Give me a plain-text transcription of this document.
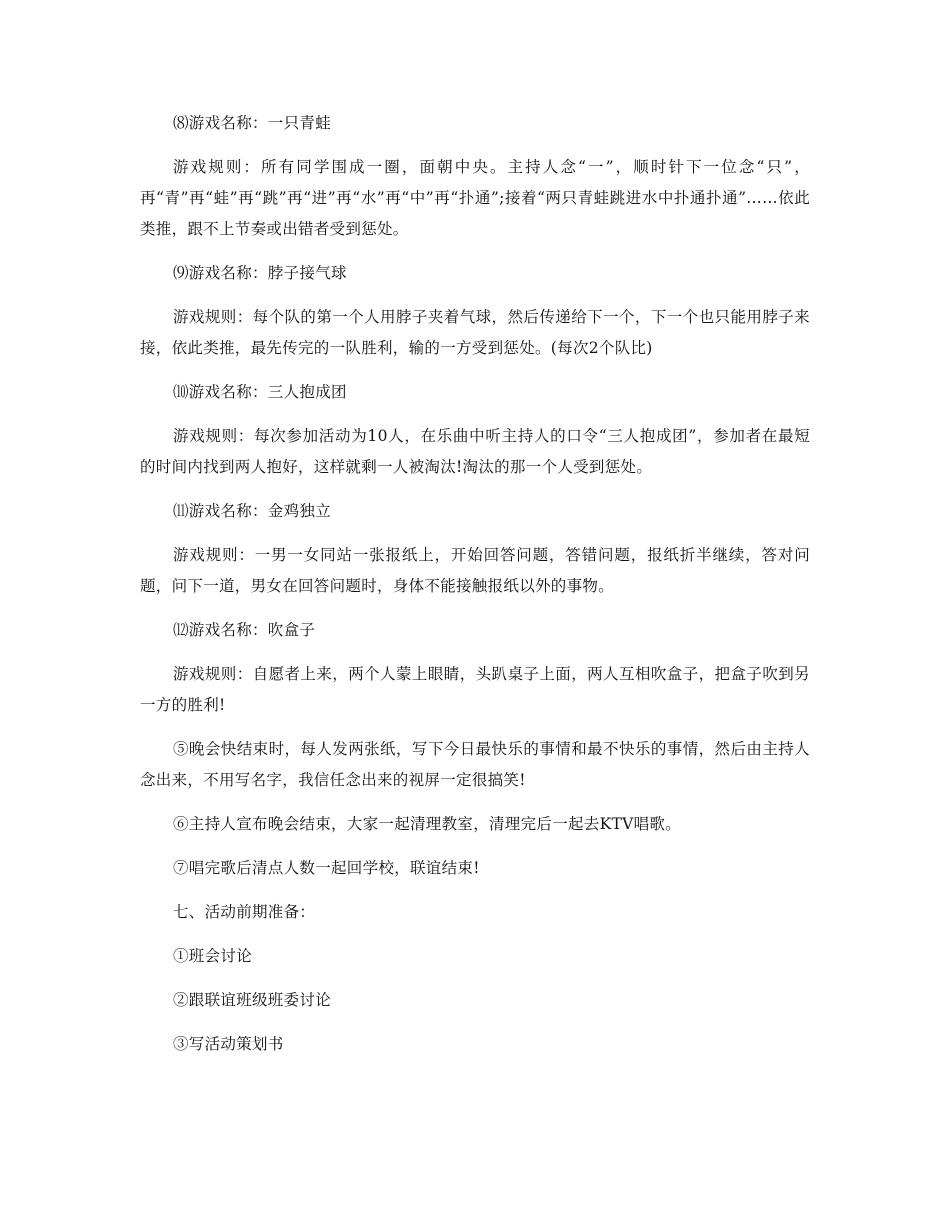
⑻游戏名称：一只青蛙

游戏规则：所有同学围成一圈，面朝中央。主持人念“一”，顺时针下一位念“只”，再“青”再“蛙”再“跳”再“进”再“水”再“中”再“扑通”;接着“两只青蛙跳进水中扑通扑通”……依此类推，跟不上节奏或出错者受到惩处。

⑼游戏名称：脖子接气球

游戏规则：每个队的第一个人用脖子夹着气球，然后传递给下一个，下一个也只能用脖子来接，依此类推，最先传完的一队胜利，输的一方受到惩处。(每次2个队比)

⑽游戏名称：三人抱成团

游戏规则：每次参加活动为10人，在乐曲中听主持人的口令“三人抱成团”，参加者在最短的时间内找到两人抱好，这样就剩一人被淘汰!淘汰的那一个人受到惩处。

⑾游戏名称：金鸡独立

游戏规则：一男一女同站一张报纸上，开始回答问题，答错问题，报纸折半继续，答对问题，问下一道，男女在回答问题时，身体不能接触报纸以外的事物。

⑿游戏名称：吹盒子

游戏规则：自愿者上来，两个人蒙上眼睛，头趴桌子上面，两人互相吹盒子，把盒子吹到另一方的胜利!

⑤晚会快结束时，每人发两张纸，写下今日最快乐的事情和最不快乐的事情，然后由主持人念出来，不用写名字，我信任念出来的视屏一定很搞笑!

⑥主持人宣布晚会结束，大家一起清理教室，清理完后一起去KTV唱歌。

⑦唱完歌后清点人数一起回学校，联谊结束!

七、活动前期准备：

①班会讨论

②跟联谊班级班委讨论

③写活动策划书
